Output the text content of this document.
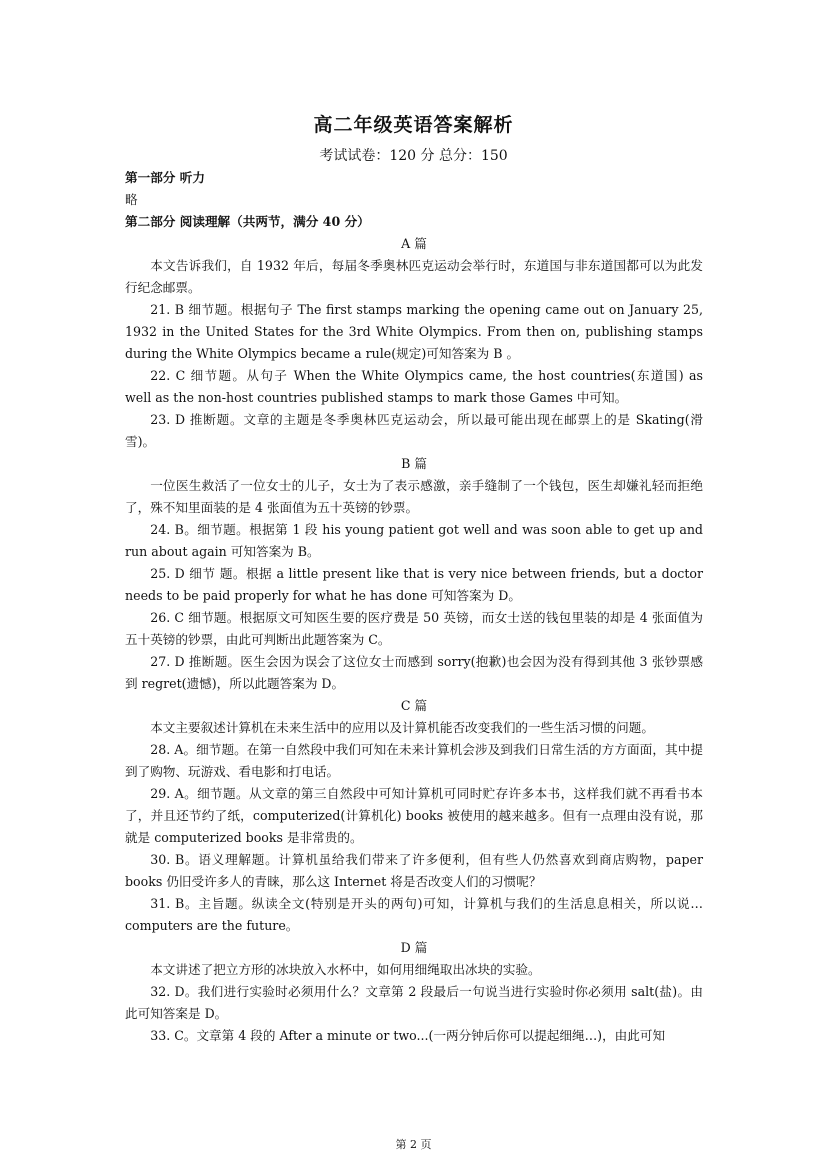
高二年级英语答案解析
考试试卷：120 分 总分：150

第一部分 听力

略

第二部分 阅读理解（共两节，满分 40 分）

A 篇

本文告诉我们，自 1932 年后，每届冬季奥林匹克运动会举行时，东道国与非东道国都可以为此发行纪念邮票。

21. B 细节题。根据句子 The first stamps marking the opening came out on January 25, 1932 in the United States for the 3rd White Olympics. From then on, publishing stamps during the White Olympics became a rule(规定)可知答案为 B 。

22. C 细节题。从句子 When the White Olympics came, the host countries(东道国) as well as the non-host countries published stamps to mark those Games 中可知。

23. D 推断题。文章的主题是冬季奥林匹克运动会，所以最可能出现在邮票上的是 Skating(滑雪)。

B 篇

一位医生救活了一位女士的儿子，女士为了表示感激，亲手缝制了一个钱包，医生却嫌礼轻而拒绝了，殊不知里面装的是 4 张面值为五十英镑的钞票。

24. B。细节题。根据第 1 段 his young patient got well and was soon able to get up and run about again 可知答案为 B。

25. D 细节 题。根据 a little present like that is very nice between friends, but a doctor needs to be paid properly for what he has done 可知答案为 D。

26. C 细节题。根据原文可知医生要的医疗费是 50 英镑，而女士送的钱包里装的却是 4 张面值为五十英镑的钞票，由此可判断出此题答案为 C。

27. D 推断题。医生会因为误会了这位女士而感到 sorry(抱歉)也会因为没有得到其他 3 张钞票感到 regret(遗憾)，所以此题答案为 D。

C 篇

本文主要叙述计算机在未来生活中的应用以及计算机能否改变我们的一些生活习惯的问题。

28. A。细节题。在第一自然段中我们可知在未来计算机会涉及到我们日常生活的方方面面，其中提到了购物、玩游戏、看电影和打电话。

29. A。细节题。从文章的第三自然段中可知计算机可同时贮存许多本书，这样我们就不再看书本了，并且还节约了纸，computerized(计算机化) books 被使用的越来越多。但有一点理由没有说，那就是 computerized books 是非常贵的。

30. B。语义理解题。计算机虽给我们带来了许多便利，但有些人仍然喜欢到商店购物，paper books 仍旧受许多人的青睐，那么这 Internet 将是否改变人们的习惯呢？

31. B。主旨题。纵读全文(特别是开头的两句)可知，计算机与我们的生活息息相关，所以说…computers are the future。

D 篇

本文讲述了把立方形的冰块放入水杯中，如何用细绳取出冰块的实验。

32. D。我们进行实验时必须用什么？文章第 2 段最后一句说当进行实验时你必须用 salt(盐)。由此可知答案是 D。

33. C。文章第 4 段的 After a minute or two...(一两分钟后你可以提起细绳…)，由此可知

第 2 页
